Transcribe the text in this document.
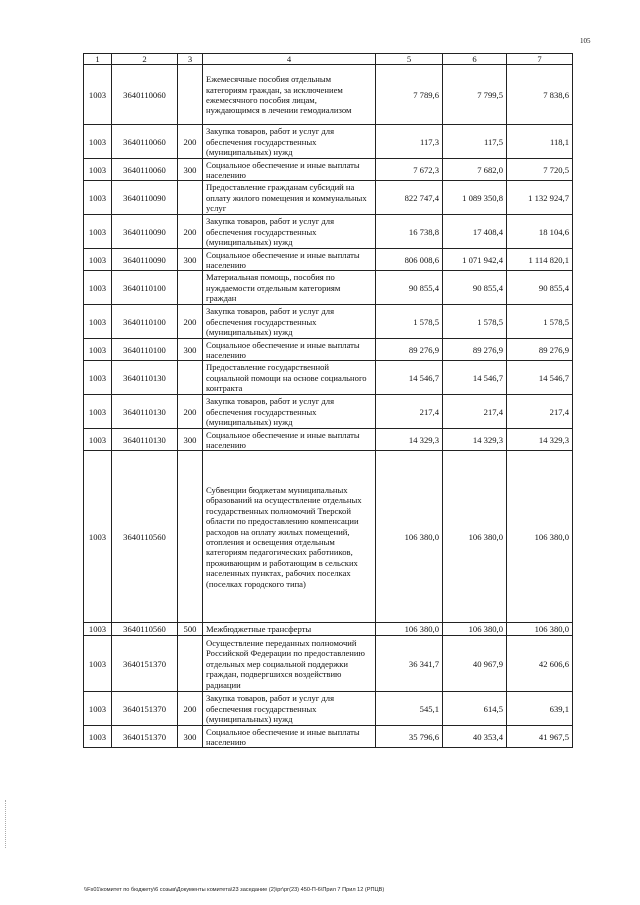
105
1	2	3	4	5	6	7
1003	3640110060		Ежемесячные пособия отдельным категориям граждан, за исключением ежемесячного пособия лицам, нуждающимся в лечении гемодиализом	7 789,6	7 799,5	7 838,6
1003	3640110060	200	Закупка товаров, работ и услуг для обеспечения государственных (муниципальных) нужд	117,3	117,5	118,1
1003	3640110060	300	Социальное обеспечение и иные выплаты населению	7 672,3	7 682,0	7 720,5
1003	3640110090		Предоставление гражданам субсидий на оплату жилого помещения и коммунальных услуг	822 747,4	1 089 350,8	1 132 924,7
1003	3640110090	200	Закупка товаров, работ и услуг для обеспечения государственных (муниципальных) нужд	16 738,8	17 408,4	18 104,6
1003	3640110090	300	Социальное обеспечение и иные выплаты населению	806 008,6	1 071 942,4	1 114 820,1
1003	3640110100		Материальная помощь, пособия по нуждаемости отдельным категориям граждан	90 855,4	90 855,4	90 855,4
1003	3640110100	200	Закупка товаров, работ и услуг для обеспечения государственных (муниципальных) нужд	1 578,5	1 578,5	1 578,5
1003	3640110100	300	Социальное обеспечение и иные выплаты населению	89 276,9	89 276,9	89 276,9
1003	3640110130		Предоставление государственной социальной помощи на основе социального контракта	14 546,7	14 546,7	14 546,7
1003	3640110130	200	Закупка товаров, работ и услуг для обеспечения государственных (муниципальных) нужд	217,4	217,4	217,4
1003	3640110130	300	Социальное обеспечение и иные выплаты населению	14 329,3	14 329,3	14 329,3
1003	3640110560		Субвенции бюджетам муниципальных образований на осуществление отдельных государственных полномочий Тверской области по предоставлению компенсации расходов на оплату жилых помещений, отопления и освещения отдельным категориям педагогических работников, проживающим и работающим в сельских населенных пунктах, рабочих поселках (поселках городского типа)	106 380,0	106 380,0	106 380,0
1003	3640110560	500	Межбюджетные трансферты	106 380,0	106 380,0	106 380,0
1003	3640151370		Осуществление переданных полномочий Российской Федерации по предоставлению отдельных мер социальной поддержки граждан, подвергшихся воздействию радиации	36 341,7	40 967,9	42 606,6
1003	3640151370	200	Закупка товаров, работ и услуг для обеспечения государственных (муниципальных) нужд	545,1	614,5	639,1
1003	3640151370	300	Социальное обеспечение и иные выплаты населению	35 796,6	40 353,4	41 967,5
\\Fs01\комитет по бюджету\6 созыв\Документы комитета\23 заседание (2)\рг\рг(23) 450-П-6\Прил 7 Прил 12 (РПЦВ)
